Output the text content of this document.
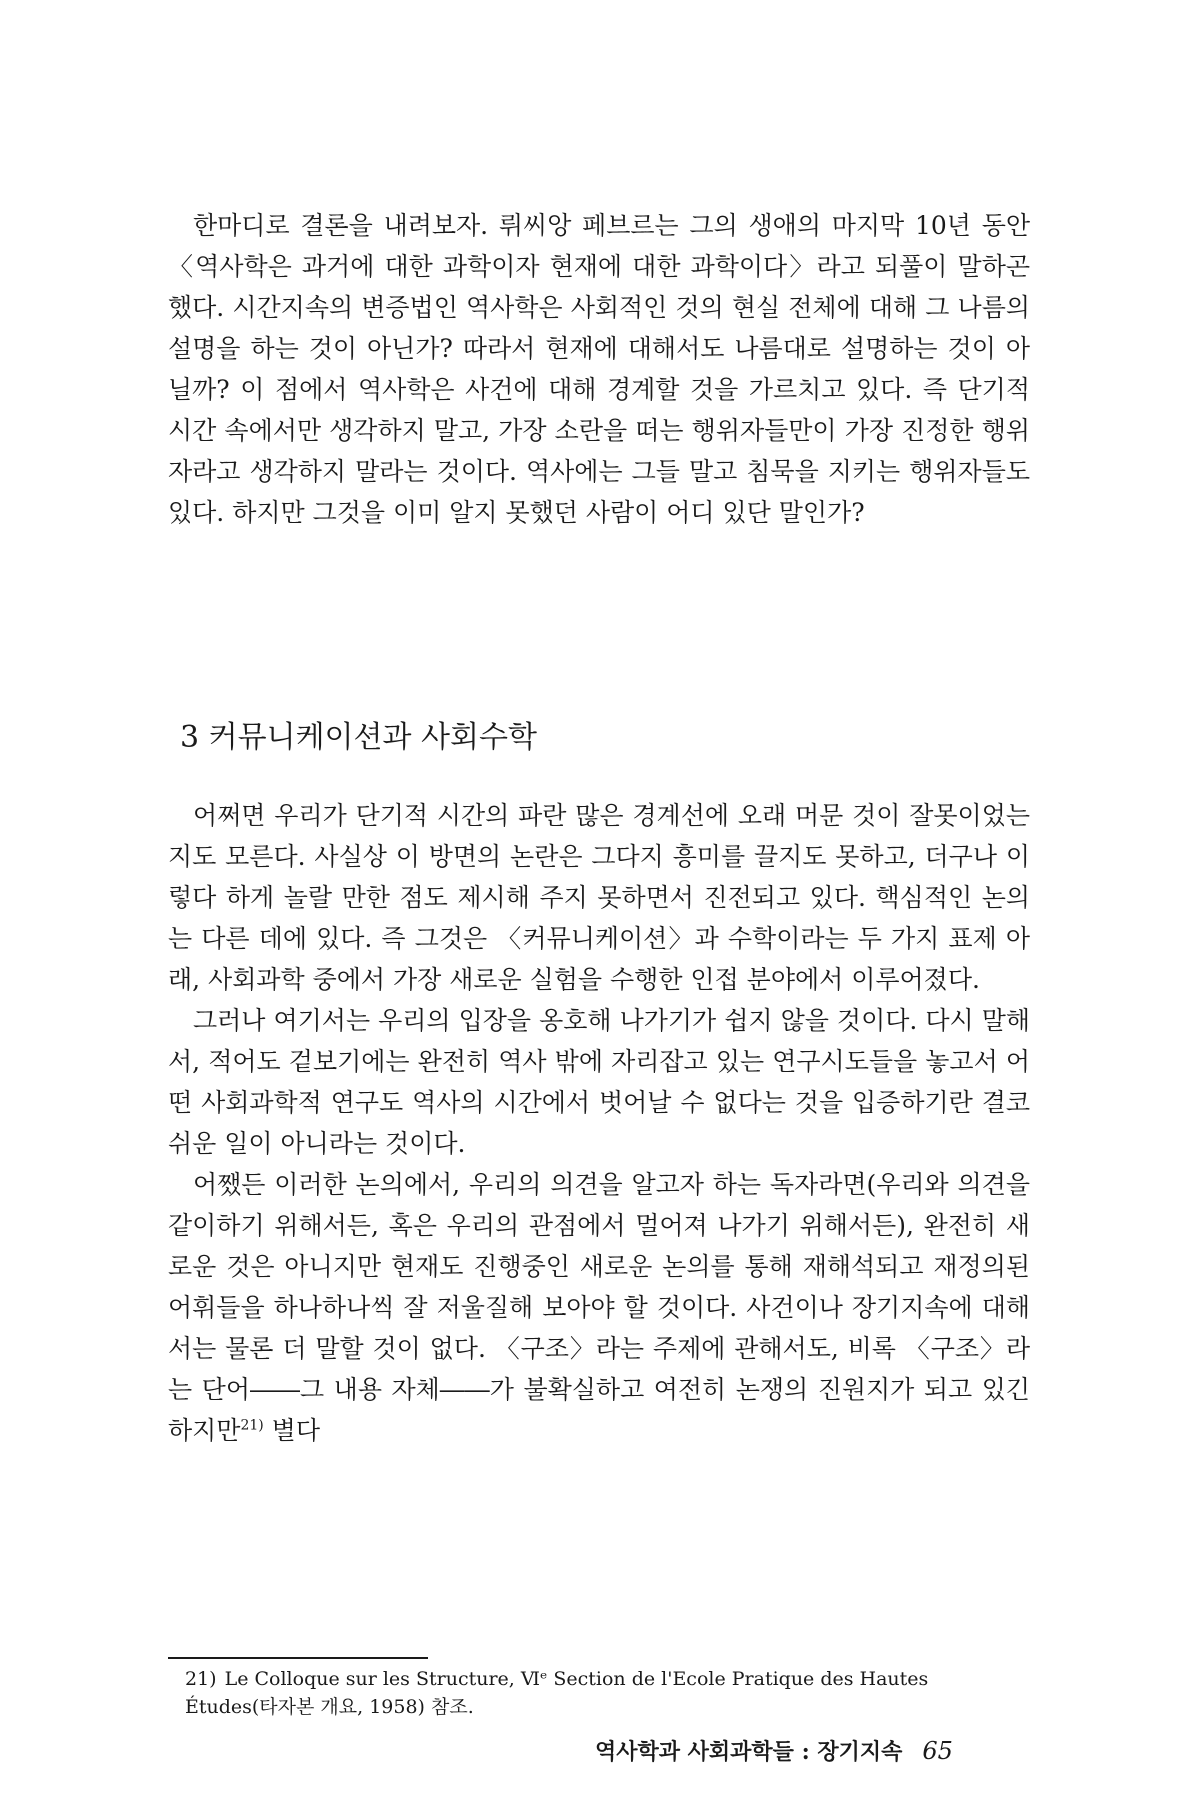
한마디로 결론을 내려보자. 뤼씨앙 페브르는 그의 생애의 마지막 10년 동안 〈역사학은 과거에 대한 과학이자 현재에 대한 과학이다〉라고 되풀이 말하곤 했다. 시간지속의 변증법인 역사학은 사회적인 것의 현실 전체에 대해 그 나름의 설명을 하는 것이 아닌가? 따라서 현재에 대해서도 나름대로 설명하는 것이 아닐까? 이 점에서 역사학은 사건에 대해 경계할 것을 가르치고 있다. 즉 단기적 시간 속에서만 생각하지 말고, 가장 소란을 떠는 행위자들만이 가장 진정한 행위자라고 생각하지 말라는 것이다. 역사에는 그들 말고 침묵을 지키는 행위자들도 있다. 하지만 그것을 이미 알지 못했던 사람이 어디 있단 말인가?

3 커뮤니케이션과 사회수학

어쩌면 우리가 단기적 시간의 파란 많은 경계선에 오래 머문 것이 잘못이었는지도 모른다. 사실상 이 방면의 논란은 그다지 흥미를 끌지도 못하고, 더구나 이렇다 하게 놀랄 만한 점도 제시해 주지 못하면서 진전되고 있다. 핵심적인 논의는 다른 데에 있다. 즉 그것은 〈커뮤니케이션〉과 수학이라는 두 가지 표제 아래, 사회과학 중에서 가장 새로운 실험을 수행한 인접 분야에서 이루어졌다.

그러나 여기서는 우리의 입장을 옹호해 나가기가 쉽지 않을 것이다. 다시 말해서, 적어도 겉보기에는 완전히 역사 밖에 자리잡고 있는 연구시도들을 놓고서 어떤 사회과학적 연구도 역사의 시간에서 벗어날 수 없다는 것을 입증하기란 결코 쉬운 일이 아니라는 것이다.

어쨌든 이러한 논의에서, 우리의 의견을 알고자 하는 독자라면(우리와 의견을 같이하기 위해서든, 혹은 우리의 관점에서 멀어져 나가기 위해서든), 완전히 새로운 것은 아니지만 현재도 진행중인 새로운 논의를 통해 재해석되고 재정의된 어휘들을 하나하나씩 잘 저울질해 보아야 할 것이다. 사건이나 장기지속에 대해서는 물론 더 말할 것이 없다. 〈구조〉라는 주제에 관해서도, 비록 〈구조〉라는 단어――그 내용 자체――가 불확실하고 여전히 논쟁의 진원지가 되고 있긴 하지만$^{21)}$ 별다

21) Le Colloque sur les Structure, Ⅵᵉ Section de l'Ecole Pratique des Hautes Études(타자본 개요, 1958) 참조.

역사학과 사회과학들 : 장기지속 65
